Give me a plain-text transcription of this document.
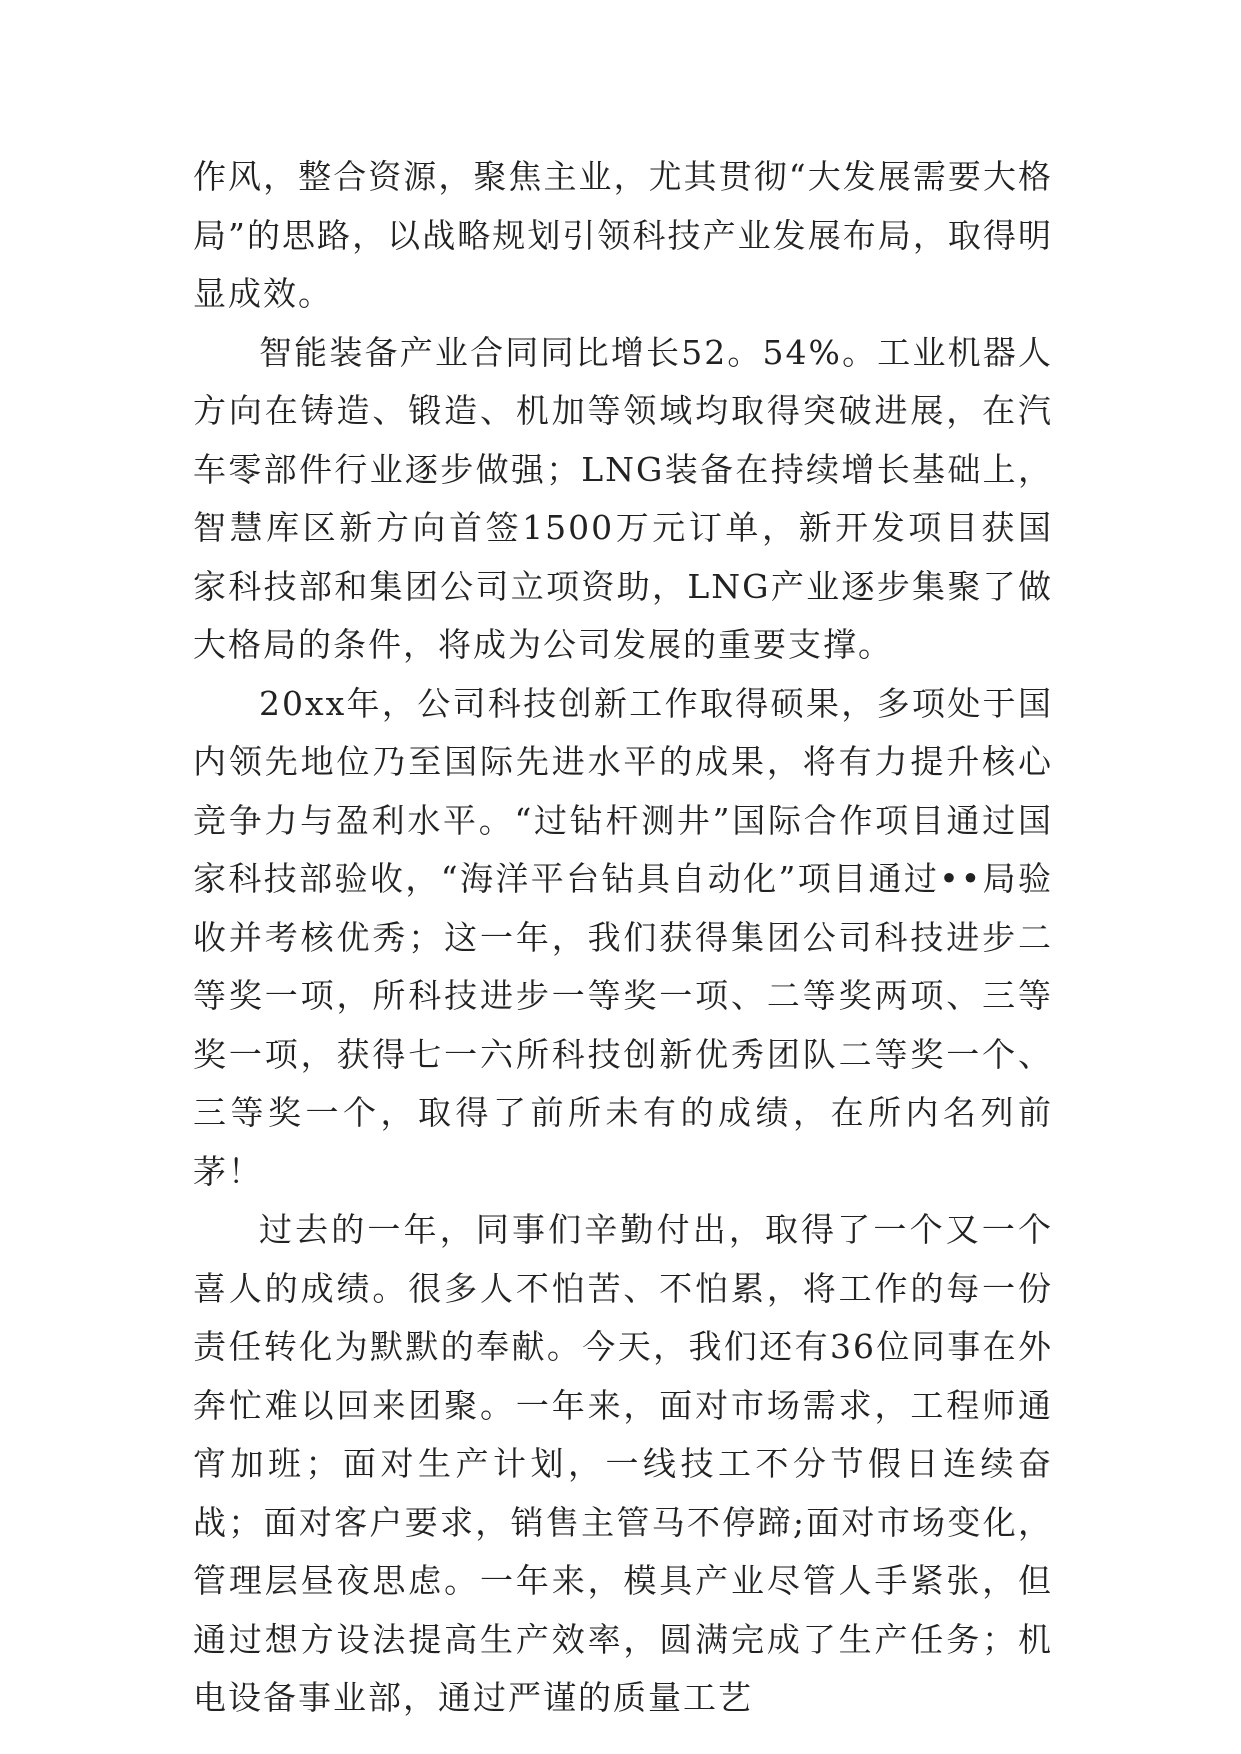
作风，整合资源，聚焦主业，尤其贯彻“大发展需要大格局”的思路，以战略规划引领科技产业发展布局，取得明显成效。

智能装备产业合同同比增长52。54%。工业机器人方向在铸造、锻造、机加等领域均取得突破进展，在汽车零部件行业逐步做强；LNG装备在持续增长基础上，智慧库区新方向首签1500万元订单，新开发项目获国家科技部和集团公司立项资助，LNG产业逐步集聚了做大格局的条件，将成为公司发展的重要支撑。

20xx年，公司科技创新工作取得硕果，多项处于国内领先地位乃至国际先进水平的成果，将有力提升核心竞争力与盈利水平。“过钻杆测井”国际合作项目通过国家科技部验收，“海洋平台钻具自动化”项目通过••局验收并考核优秀；这一年，我们获得集团公司科技进步二等奖一项，所科技进步一等奖一项、二等奖两项、三等奖一项，获得七一六所科技创新优秀团队二等奖一个、三等奖一个，取得了前所未有的成绩，在所内名列前茅！

过去的一年，同事们辛勤付出，取得了一个又一个喜人的成绩。很多人不怕苦、不怕累，将工作的每一份责任转化为默默的奉献。今天，我们还有36位同事在外奔忙难以回来团聚。一年来，面对市场需求，工程师通宵加班；面对生产计划，一线技工不分节假日连续奋战；面对客户要求，销售主管马不停蹄;面对市场变化，管理层昼夜思虑。一年来，模具产业尽管人手紧张，但通过想方设法提高生产效率，圆满完成了生产任务；机电设备事业部，通过严谨的质量工艺
